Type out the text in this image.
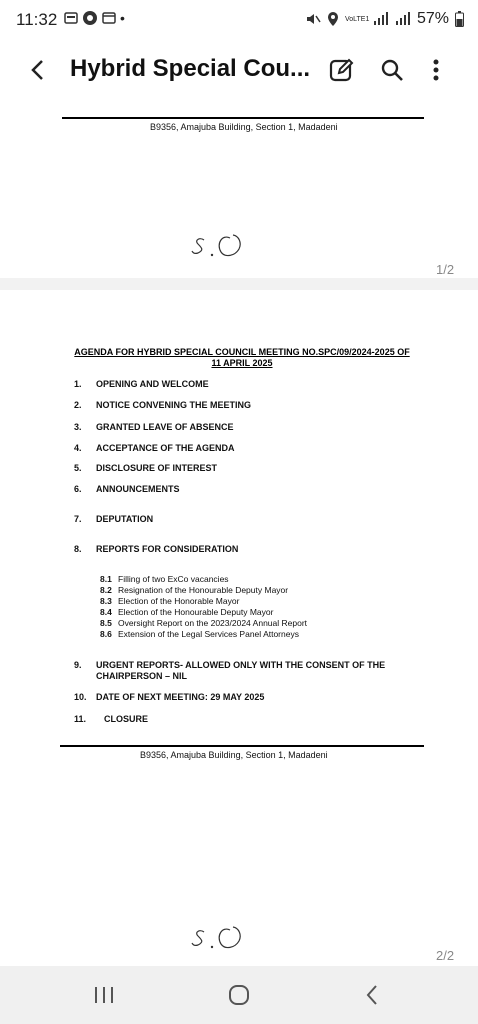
11:32	•	VoLTE1	57%
Hybrid Special Cou...
B9356, Amajuba Building, Section 1, Madadeni
1/2
AGENDA FOR HYBRID SPECIAL COUNCIL MEETING NO.SPC/09/2024-2025 OF
11 APRIL 2025
1.	OPENING AND WELCOME
2.	NOTICE CONVENING THE MEETING
3.	GRANTED LEAVE OF ABSENCE
4.	ACCEPTANCE OF THE AGENDA
5.	DISCLOSURE OF INTEREST
6.	ANNOUNCEMENTS
7.	DEPUTATION
8.	REPORTS FOR CONSIDERATION
8.1 Filling of two ExCo vacancies
8.2 Resignation of the Honourable Deputy Mayor
8.3 Election of the Honorable Mayor
8.4 Election of the Honourable Deputy Mayor
8.5 Oversight Report on the 2023/2024 Annual Report
8.6 Extension of the Legal Services Panel Attorneys
9.	URGENT REPORTS- ALLOWED ONLY WITH THE CONSENT OF THE
CHAIRPERSON – NIL
10.	DATE OF NEXT MEETING: 29 MAY 2025
11.	CLOSURE
B9356, Amajuba Building, Section 1, Madadeni
2/2
